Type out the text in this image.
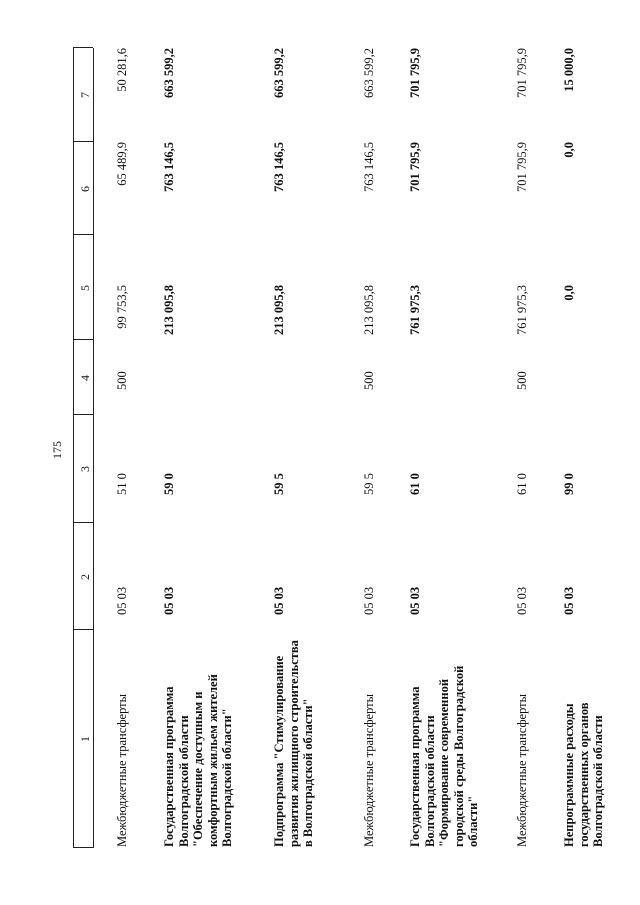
175
1
2
3
4
5
6
7
Межбюджетные трансферты
05 03
51 0
500
99 753,5
65 489,9
50 281,6
Государственная программа Волгоградской области "Обеспечение доступным и комфортным жильем жителей Волгоградской области"
05 03
59 0
213 095,8
763 146,5
663 599,2
Подпрограмма "Стимулирование развития жилищного строительства в Волгоградской области"
05 03
59 5
213 095,8
763 146,5
663 599,2
Межбюджетные трансферты
05 03
59 5
500
213 095,8
763 146,5
663 599,2
Государственная программа Волгоградской области "Формирование современной городской среды Волгоградской области"
05 03
61 0
761 975,3
701 795,9
701 795,9
Межбюджетные трансферты
05 03
61 0
500
761 975,3
701 795,9
701 795,9
Непрограммные расходы государственных органов Волгоградской области
05 03
99 0
0,0
0,0
15 000,0
